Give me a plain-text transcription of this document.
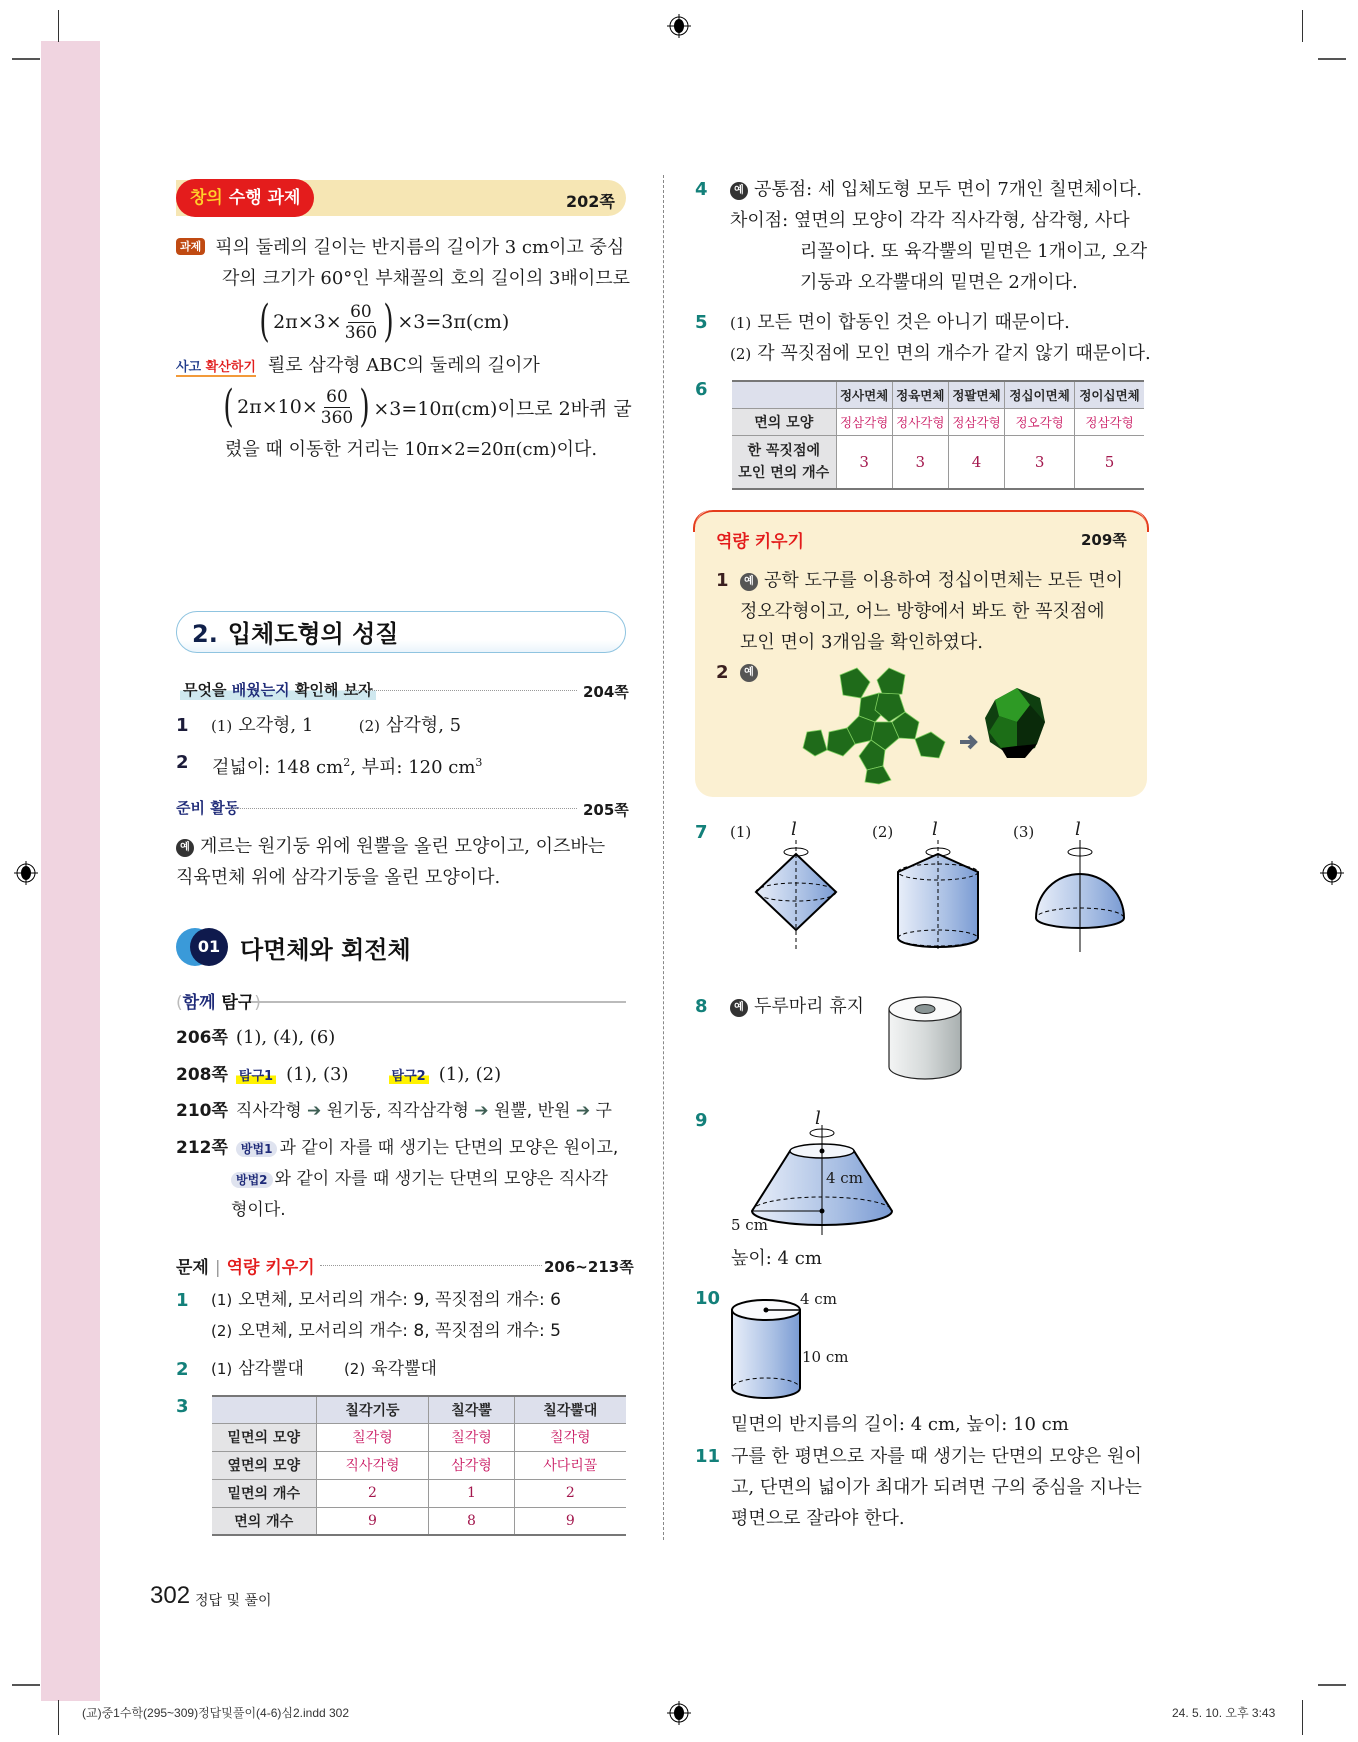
창의 수행 과제	202쪽
과제 픽의 둘레의 길이는 반지름의 길이가 3 cm이고 중심
각의 크기가 60°인 부채꼴의 호의 길이의 3배이므로
( $2\pi\times 3\times \frac{60}{360}$ ) ×3=3π(cm)
사고 확산하기 뢸로 삼각형 ABC의 둘레의 길이가
( $2\pi\times 10\times \frac{60}{360}$ ) ×3=10π(cm)이므로 2바퀴 굴
렸을 때 이동한 거리는 10π×2=20π(cm)이다.
2. 입체도형의 성질
무엇을 배웠는지 확인해 보자	204쪽
1 (1) 오각형, 1	(2) 삼각형, 5
2 겉넓이: 148 $cm^2$, 부피: 120 $cm^3$
준비 활동	205쪽
예 게르는 원기둥 위에 원뿔을 올린 모양이고, 이즈바는
직육면체 위에 삼각기둥을 올린 모양이다.
01 다면체와 회전체
(함께 탐구)
206쪽 (1), (4), (6)
208쪽 탐구1 (1), (3)	탐구2 (1), (2)
210쪽 직사각형 ➔ 원기둥, 직각삼각형 ➔ 원뿔, 반원 ➔ 구
212쪽 방법1 과 같이 자를 때 생기는 단면의 모양은 원이고,
방법2 와 같이 자를 때 생기는 단면의 모양은 직사각
형이다.
문제 | 역량 키우기	206~213쪽
1 (1) 오면체, 모서리의 개수: 9, 꼭짓점의 개수: 6
(2) 오면체, 모서리의 개수: 8, 꼭짓점의 개수: 5
2 (1) 삼각뿔대	(2) 육각뿔대
3
		칠각기둥	칠각뿔	칠각뿔대
밑면의 모양	칠각형	칠각형	칠각형
옆면의 모양	직사각형	삼각형	사다리꼴
밑면의 개수	2	1	2
면의 개수	9	8	9
4	예 공통점: 세 입체도형 모두 면이 7개인 칠면체이다.
차이점: 옆면의 모양이 각각 직사각형, 삼각형, 사다
리꼴이다. 또 육각뿔의 밑면은 1개이고, 오각
기둥과 오각뿔대의 밑면은 2개이다.
5 (1) 모든 면이 합동인 것은 아니기 때문이다.
(2) 각 꼭짓점에 모인 면의 개수가 같지 않기 때문이다.
6
		정사면체	정육면체	정팔면체	정십이면체	정이십면체
면의 모양	정삼각형	정사각형	정삼각형	정오각형	정삼각형
한 꼭짓점에
모인 면의 개수	3	3	4	3	5
역량 키우기	209쪽
1	예 공학 도구를 이용하여 정십이면체는 모든 면이
정오각형이고, 어느 방향에서 봐도 한 꼭짓점에
모인 면이 3개임을 확인하였다.
2	예
7 (1)	(2)	(3)
l	l	l
8	예 두루마리 휴지
9	l
4 cm
5 cm
높이: 4 cm
10	4 cm
10 cm
밑면의 반지름의 길이: 4 cm, 높이: 10 cm
11 구를 한 평면으로 자를 때 생기는 단면의 모양은 원이
고, 단면의 넓이가 최대가 되려면 구의 중심을 지나는
평면으로 잘라야 한다.
302 정답 및 풀이
(교)중1수학(295~309)정답및풀이(4-6)심2.indd 302	24. 5. 10. 오후 3:43
